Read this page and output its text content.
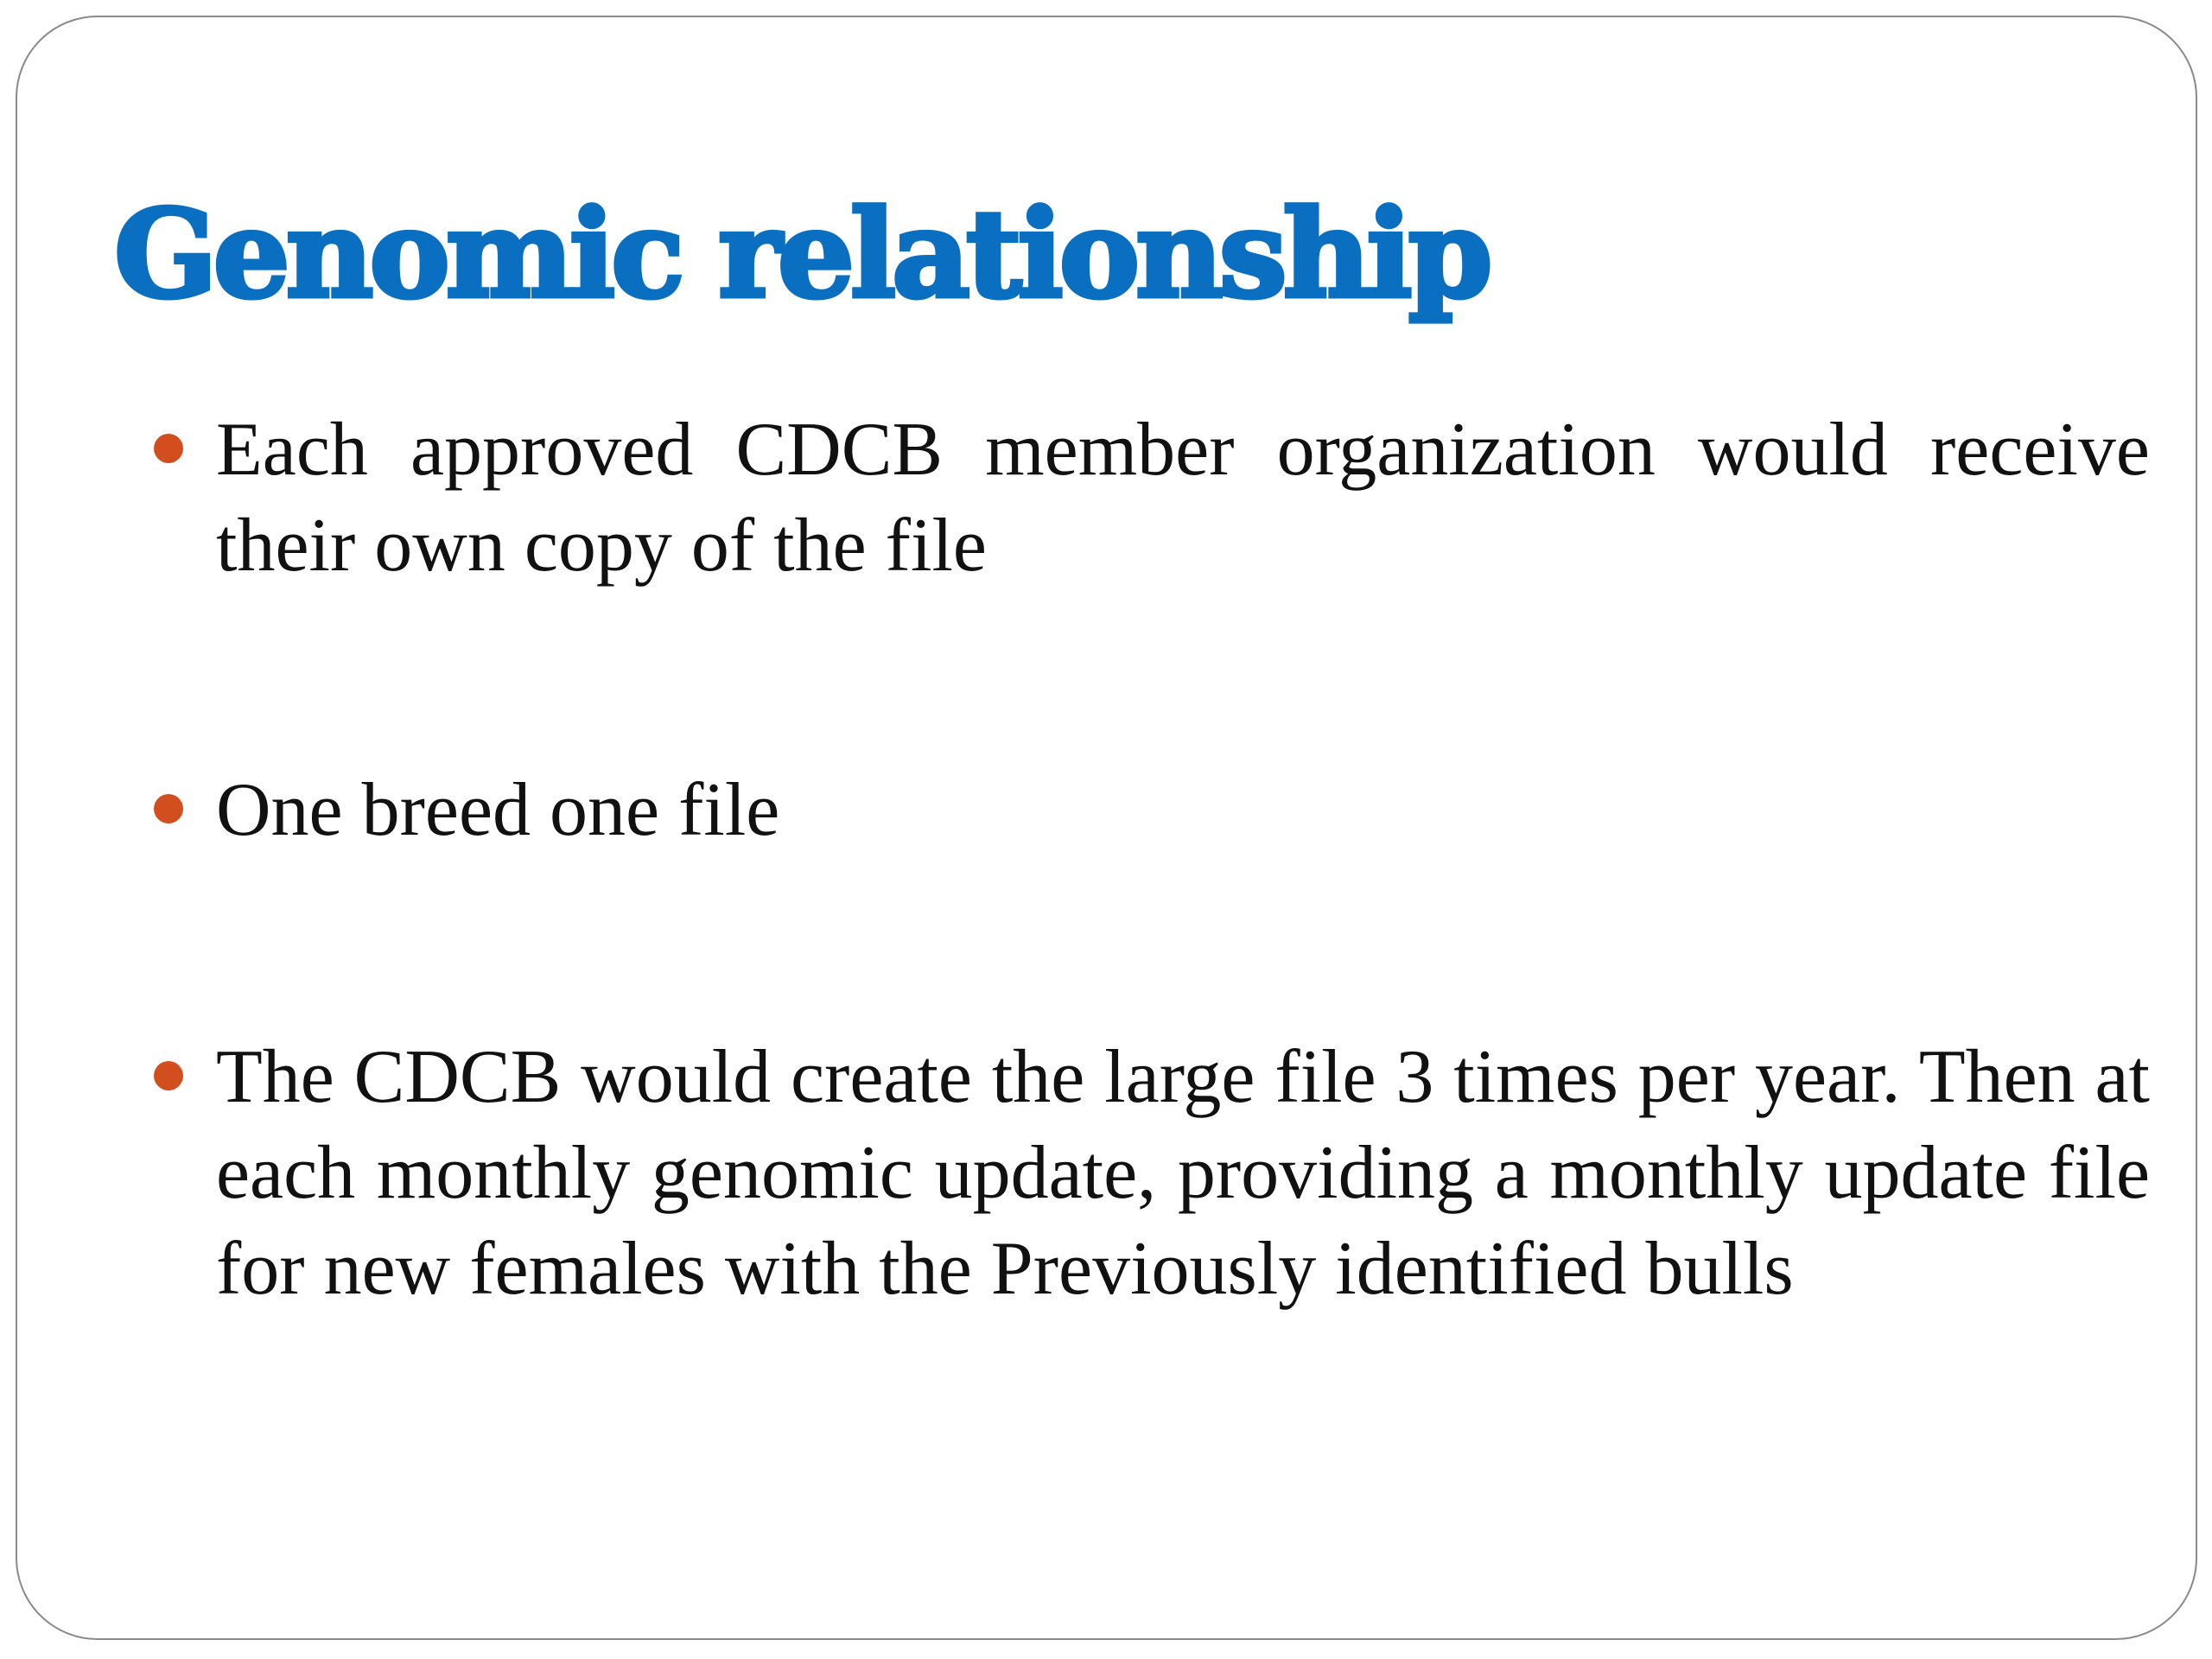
Genomic relationship
Each approved CDCB member organization would receive their own copy of the file
One breed one file
The CDCB would create the large file 3 times per year. Then at each monthly genomic update, providing a monthly update file for new females with the Previously identified bulls
